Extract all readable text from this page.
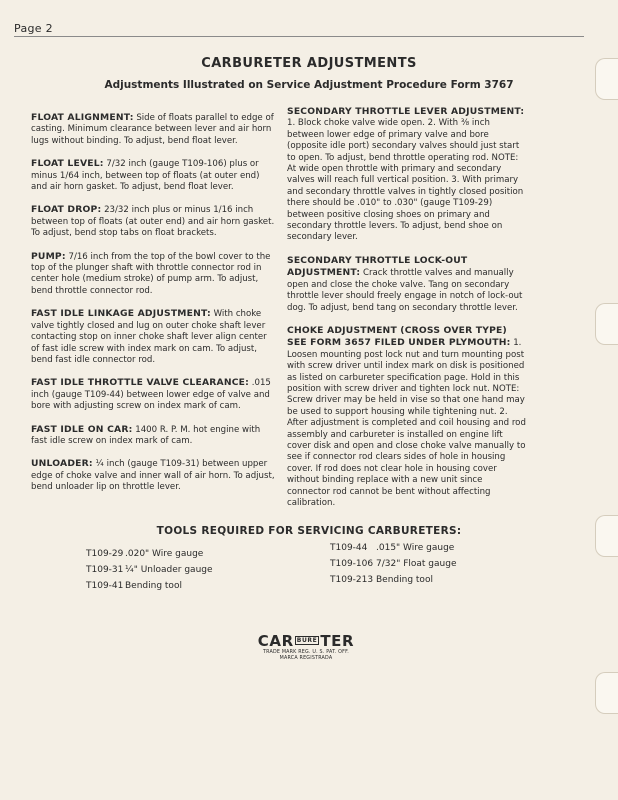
Page 2
CARBURETER ADJUSTMENTS
Adjustments Illustrated on Service Adjustment Procedure Form 3767

FLOAT ALIGNMENT: Side of floats parallel to edge of casting. Minimum clearance between lever and air horn lugs without binding. To adjust, bend float lever.

FLOAT LEVEL: 7/32 inch (gauge T109-106) plus or minus 1/64 inch, between top of floats (at outer end) and air horn gasket. To adjust, bend float lever.

FLOAT DROP: 23/32 inch plus or minus 1/16 inch between top of floats (at outer end) and air horn gasket. To adjust, bend stop tabs on float brackets.

PUMP: 7/16 inch from the top of the bowl cover to the top of the plunger shaft with throttle connector rod in center hole (medium stroke) of pump arm. To adjust, bend throttle connector rod.

FAST IDLE LINKAGE ADJUSTMENT: With choke valve tightly closed and lug on outer choke shaft lever contacting stop on inner choke shaft lever align center of fast idle screw with index mark on cam. To adjust, bend fast idle connector rod.

FAST IDLE THROTTLE VALVE CLEARANCE: .015 inch (gauge T109-44) between lower edge of valve and bore with adjusting screw on index mark of cam.

FAST IDLE ON CAR: 1400 R. P. M. hot engine with fast idle screw on index mark of cam.

UNLOADER: ¼ inch (gauge T109-31) between upper edge of choke valve and inner wall of air horn. To adjust, bend unloader lip on throttle lever.

SECONDARY THROTTLE LEVER ADJUSTMENT: 1. Block choke valve wide open. 2. With ⅜ inch between lower edge of primary valve and bore (opposite idle port) secondary valves should just start to open. To adjust, bend throttle operating rod. NOTE: At wide open throttle with primary and secondary valves will reach full vertical position. 3. With primary and secondary throttle valves in tightly closed position there should be .010" to .030" (gauge T109-29) between positive closing shoes on primary and secondary throttle levers. To adjust, bend shoe on secondary lever.

SECONDARY THROTTLE LOCK-OUT ADJUSTMENT: Crack throttle valves and manually open and close the choke valve. Tang on secondary throttle lever should freely engage in notch of lock-out dog. To adjust, bend tang on secondary throttle lever.

CHOKE ADJUSTMENT (CROSS OVER TYPE) SEE FORM 3657 FILED UNDER PLYMOUTH: 1. Loosen mounting post lock nut and turn mounting post with screw driver until index mark on disk is positioned as listed on carbureter specification page. Hold in this position with screw driver and tighten lock nut. NOTE: Screw driver may be held in vise so that one hand may be used to support housing while tightening nut. 2. After adjustment is completed and coil housing and rod assembly and carbureter is installed on engine lift cover disk and open and close choke valve manually to see if connector rod clears sides of hole in housing cover. If rod does not clear hole in housing cover without binding replace with a new unit since connector rod cannot be bent without affecting calibration.

TOOLS REQUIRED FOR SERVICING CARBURETERS:
T109-29 .020" Wire gauge
T109-31 ¼" Unloader gauge
T109-41 Bending tool
T109-44 .015" Wire gauge
T109-106 7/32" Float gauge
T109-213 Bending tool
CAR BURE TER
TRADE MARK REG. U. S. PAT. OFF.
MARCA REGISTRADA
